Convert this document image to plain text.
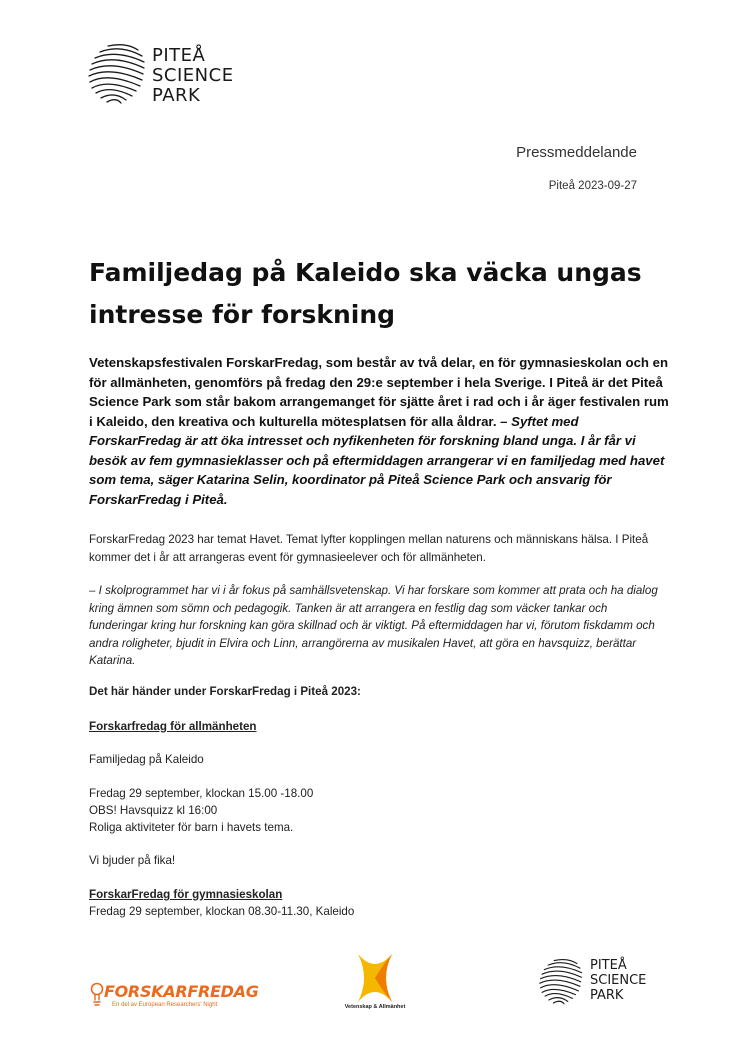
PITEÅ
SCIENCE
PARK
Pressmeddelande
Piteå 2023-09-27
Familjedag på Kaleido ska väcka ungas
intresse för forskning

Vetenskapsfestivalen ForskarFredag, som består av två delar, en för gymnasieskolan och en för allmänheten, genomförs på fredag den 29:e september i hela Sverige. I Piteå är det Piteå Science Park som står bakom arrangemanget för sjätte året i rad och i år äger festivalen rum i Kaleido, den kreativa och kulturella mötesplatsen för alla åldrar. – Syftet med ForskarFredag är att öka intresset och nyfikenheten för forskning bland unga. I år får vi besök av fem gymnasieklasser och på eftermiddagen arrangerar vi en familjedag med havet som tema, säger Katarina Selin, koordinator på Piteå Science Park och ansvarig för ForskarFredag i Piteå.

ForskarFredag 2023 har temat Havet. Temat lyfter kopplingen mellan naturens och människans hälsa. I Piteå kommer det i år att arrangeras event för gymnasieelever och för allmänheten.

– I skolprogrammet har vi i år fokus på samhällsvetenskap. Vi har forskare som kommer att prata och ha dialog kring ämnen som sömn och pedagogik. Tanken är att arrangera en festlig dag som väcker tankar och funderingar kring hur forskning kan göra skillnad och är viktigt. På eftermiddagen har vi, förutom fiskdamm och andra roligheter, bjudit in Elvira och Linn, arrangörerna av musikalen Havet, att göra en havsquizz, berättar Katarina.

Det här händer under ForskarFredag i Piteå 2023:
Forskarfredag för allmänheten
Familjedag på Kaleido
Fredag 29 september, klockan 15.00 -18.00
OBS! Havsquizz kl 16:00
Roliga aktiviteter för barn i havets tema.
Vi bjuder på fika!
ForskarFredag för gymnasieskolan
Fredag 29 september, klockan 08.30-11.30, Kaleido
FORSKARFREDAG
En del av European Researchers' Night	Vetenskap & Allmänhet
PITEÅ
SCIENCE
PARK
